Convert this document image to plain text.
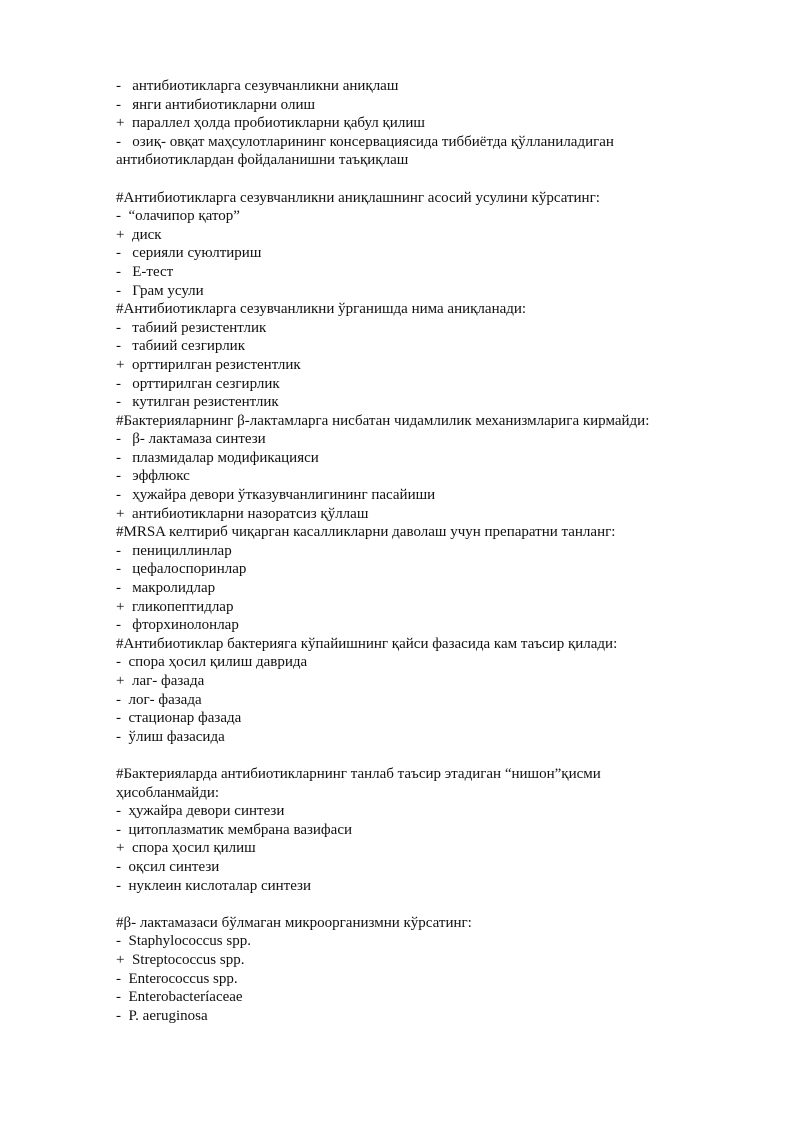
- антибиотикларга сезувчанликни аниқлаш
- янги антибиотикларни олиш
+ параллел ҳолда пробиотикларни қабул қилиш
- озиқ- овқат маҳсулотларининг консервациясида тиббиётда қўлланиладиган антибиотиклардан фойдаланишни таъқиқлаш
#Антибиотикларга сезувчанликни аниқлашнинг асосий усулини кўрсатинг:
- “олачипор қатор”
+ диск
- серияли суюлтириш
- Е-тест
- Грам усули
#Антибиотикларга сезувчанликни ўрганишда нима аниқланади:
- табиий резистентлик
- табиий сезгирлик
+ орттирилган резистентлик
- орттирилган сезгирлик
- кутилган резистентлик
#Бактерияларнинг β-лактамларга нисбатан чидамлилик механизмларига кирмайди:
- β- лактамаза синтези
- плазмидалар модификацияси
- эффлюкс
- ҳужайра девори ўтказувчанлигининг пасайиши
+ антибиотикларни назоратсиз қўллаш
#MRSA келтириб чиқарган касалликларни даволаш учун препаратни танланг:
- пенициллинлар
- цефалоспоринлар
- макролидлар
+ гликопептидлар
- фторхинолонлар
#Антибиотиклар бактерияга кўпайишнинг қайси фазасида кам таъсир қилади:
- спора ҳосил қилиш даврида
+ лаг- фазада
- лог- фазада
- стационар фазада
- ўлиш фазасида
#Бактерияларда антибиотикларнинг танлаб таъсир этадиган “нишон”қисми ҳисобланмайди:
- ҳужайра девори синтези
- цитоплазматик мембрана вазифаси
+ спора ҳосил қилиш
- оқсил синтези
- нуклеин кислоталар синтези
#β- лактамазаси бўлмаган микроорганизмни кўрсатинг:
- Staphylococcus spp.
+ Streptococcus spp.
- Enterococcus spp.
- Enterobacteríaceae
- P. aeruginosa
